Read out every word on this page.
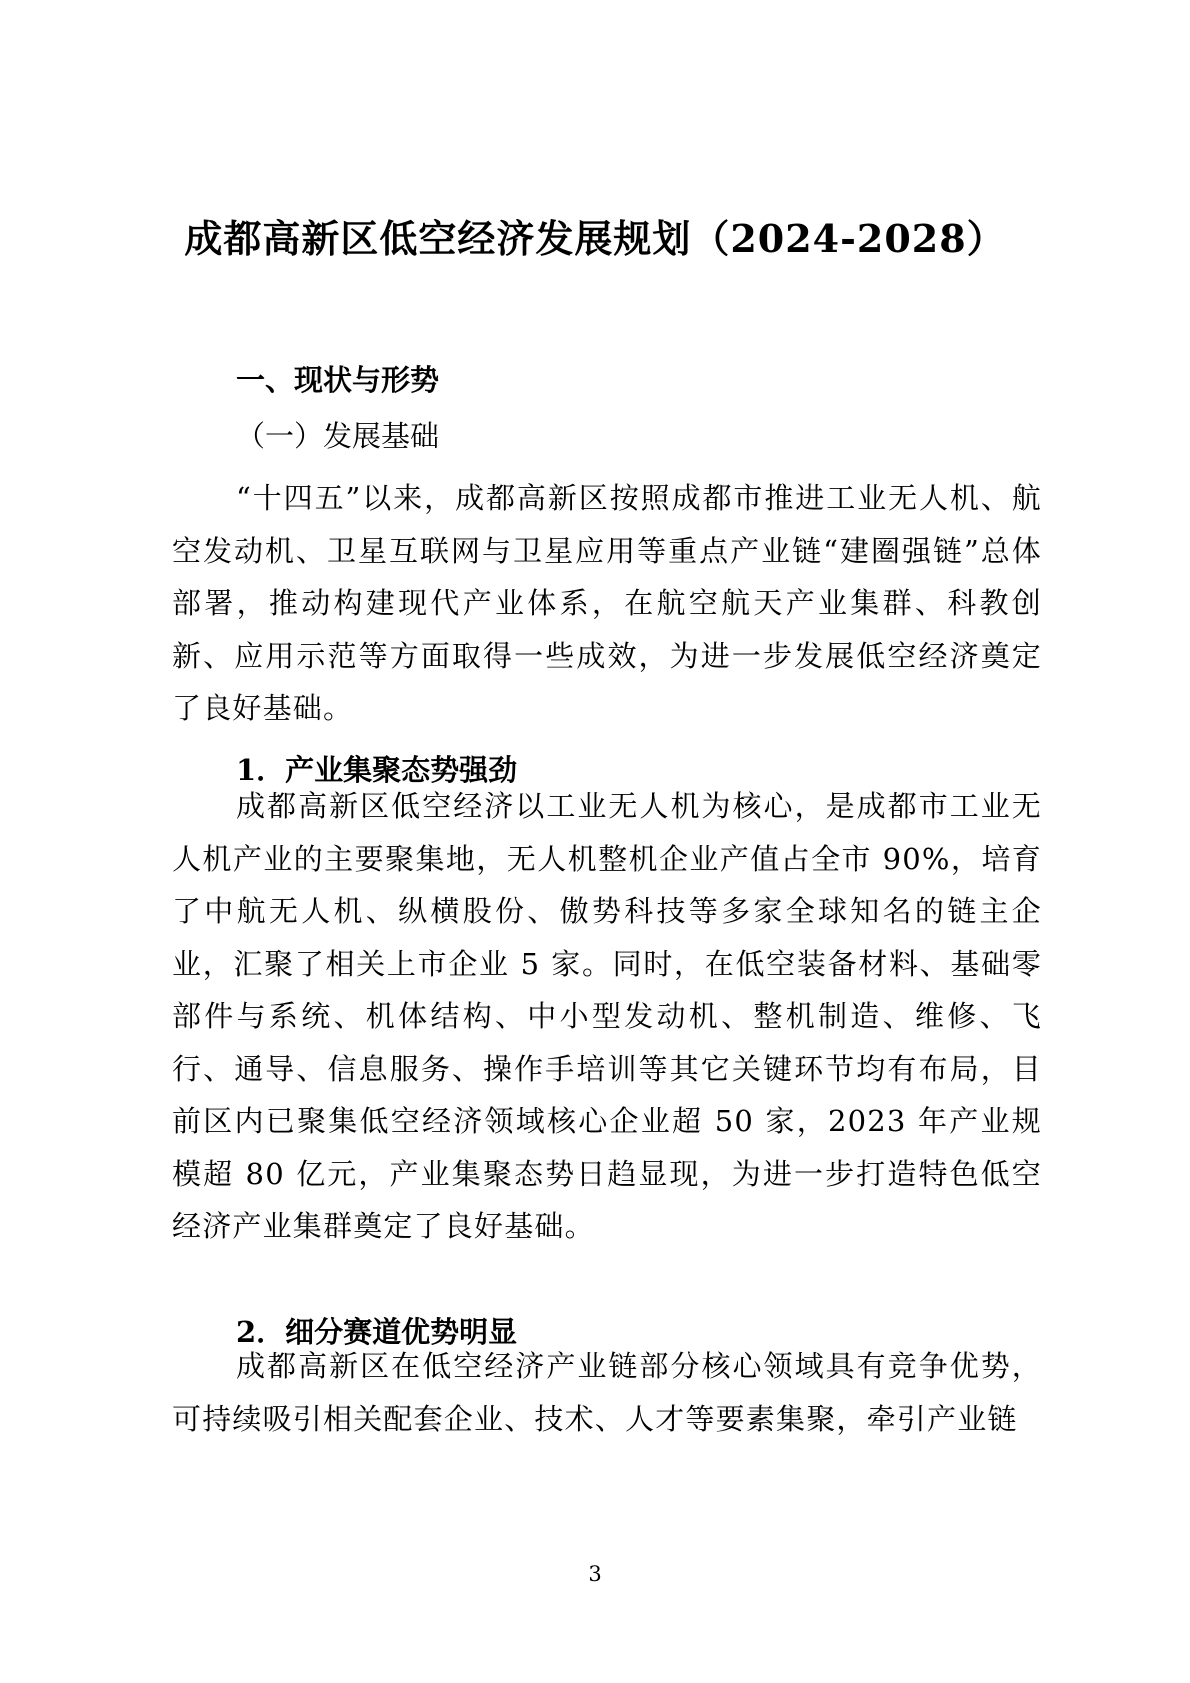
成都高新区低空经济发展规划（2024-2028）
一、现状与形势
（一）发展基础

“十四五”以来，成都高新区按照成都市推进工业无人机、航空发动机、卫星互联网与卫星应用等重点产业链“建圈强链”总体部署，推动构建现代产业体系，在航空航天产业集群、科教创新、应用示范等方面取得一些成效，为进一步发展低空经济奠定了良好基础。

1．产业集聚态势强劲

成都高新区低空经济以工业无人机为核心，是成都市工业无人机产业的主要聚集地，无人机整机企业产值占全市 90%，培育了中航无人机、纵横股份、傲势科技等多家全球知名的链主企业，汇聚了相关上市企业 5 家。同时，在低空装备材料、基础零部件与系统、机体结构、中小型发动机、整机制造、维修、飞行、通导、信息服务、操作手培训等其它关键环节均有布局，目前区内已聚集低空经济领域核心企业超 50 家，2023 年产业规模超 80 亿元，产业集聚态势日趋显现，为进一步打造特色低空经济产业集群奠定了良好基础。

2．细分赛道优势明显

成都高新区在低空经济产业链部分核心领域具有竞争优势，可持续吸引相关配套企业、技术、人才等要素集聚，牵引产业链

3
